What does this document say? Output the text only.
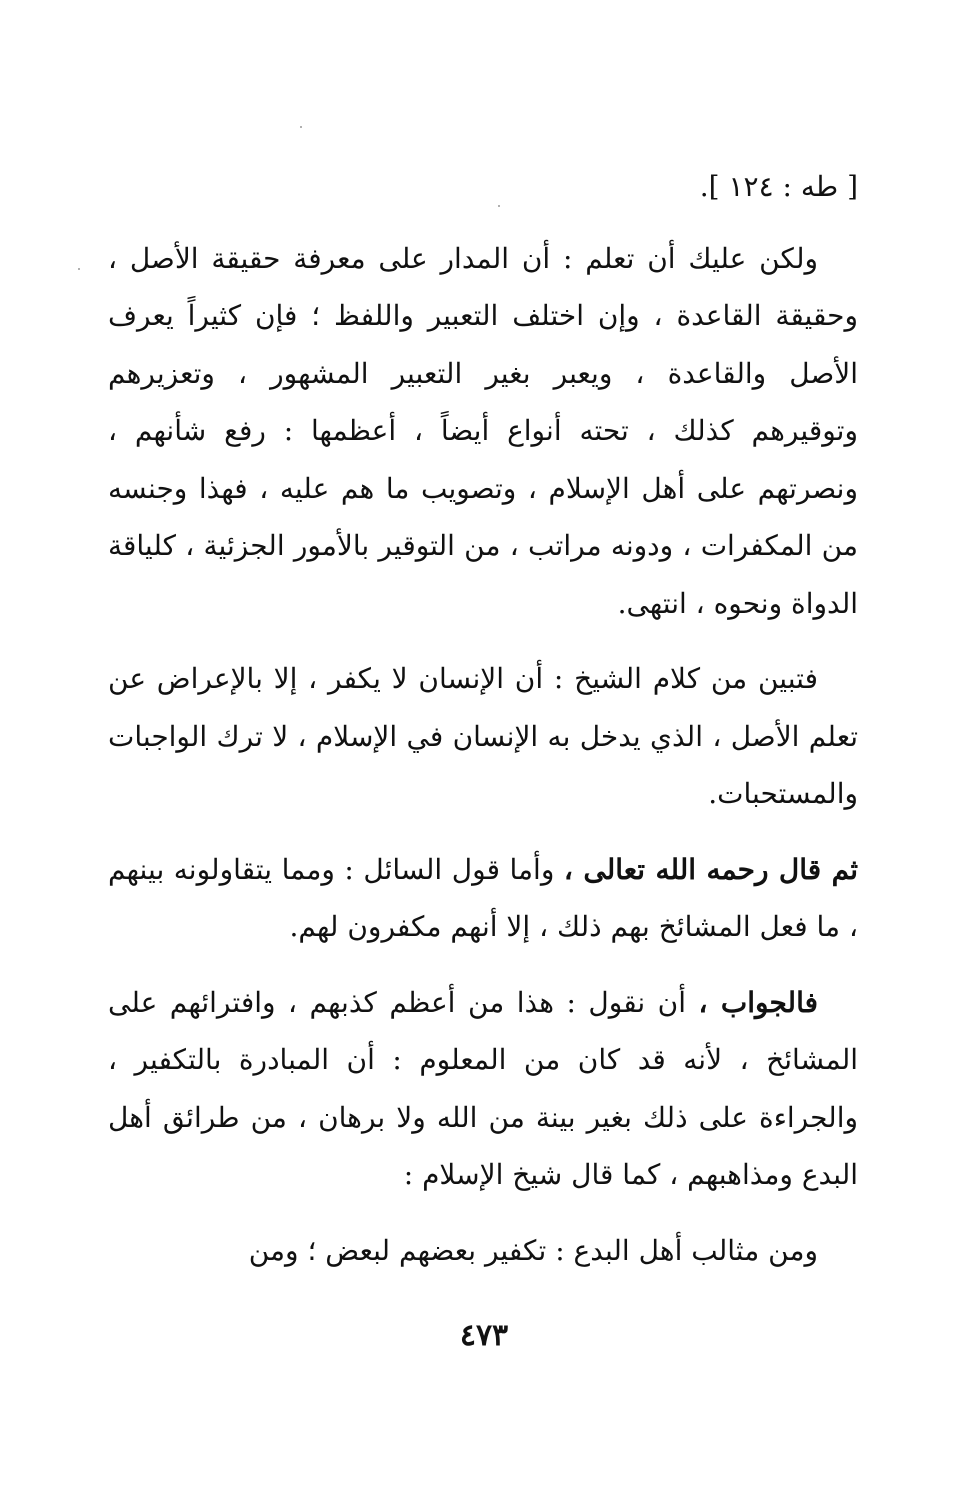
[ طه : ١٢٤ ].

ولكن عليك أن تعلم : أن المدار على معرفة حقيقة الأصل ، وحقيقة القاعدة ، وإن اختلف التعبير واللفظ ؛ فإن كثيراً يعرف الأصل والقاعدة ، ويعبر بغير التعبير المشهور ، وتعزيرهم وتوقيرهم كذلك ، تحته أنواع أيضاً ، أعظمها : رفع شأنهم ، ونصرتهم على أهل الإسلام ، وتصويب ما هم عليه ، فهذا وجنسه من المكفرات ، ودونه مراتب ، من التوقير بالأمور الجزئية ، كلياقة الدواة ونحوه ، انتهى.

فتبين من كلام الشيخ : أن الإنسان لا يكفر ، إلا بالإعراض عن تعلم الأصل ، الذي يدخل به الإنسان في الإسلام ، لا ترك الواجبات والمستحبات.

ثم قال رحمه الله تعالى ، وأما قول السائل : ومما يتقاولونه بينهم ، ما فعل المشائخ بهم ذلك ، إلا أنهم مكفرون لهم.

فالجواب ، أن نقول : هذا من أعظم كذبهم ، وافترائهم على المشائخ ، لأنه قد كان من المعلوم : أن المبادرة بالتكفير ، والجراءة على ذلك بغير بينة من الله ولا برهان ، من طرائق أهل البدع ومذاهبهم ، كما قال شيخ الإسلام :

ومن مثالب أهل البدع : تكفير بعضهم لبعض ؛ ومن

٤٧٣
